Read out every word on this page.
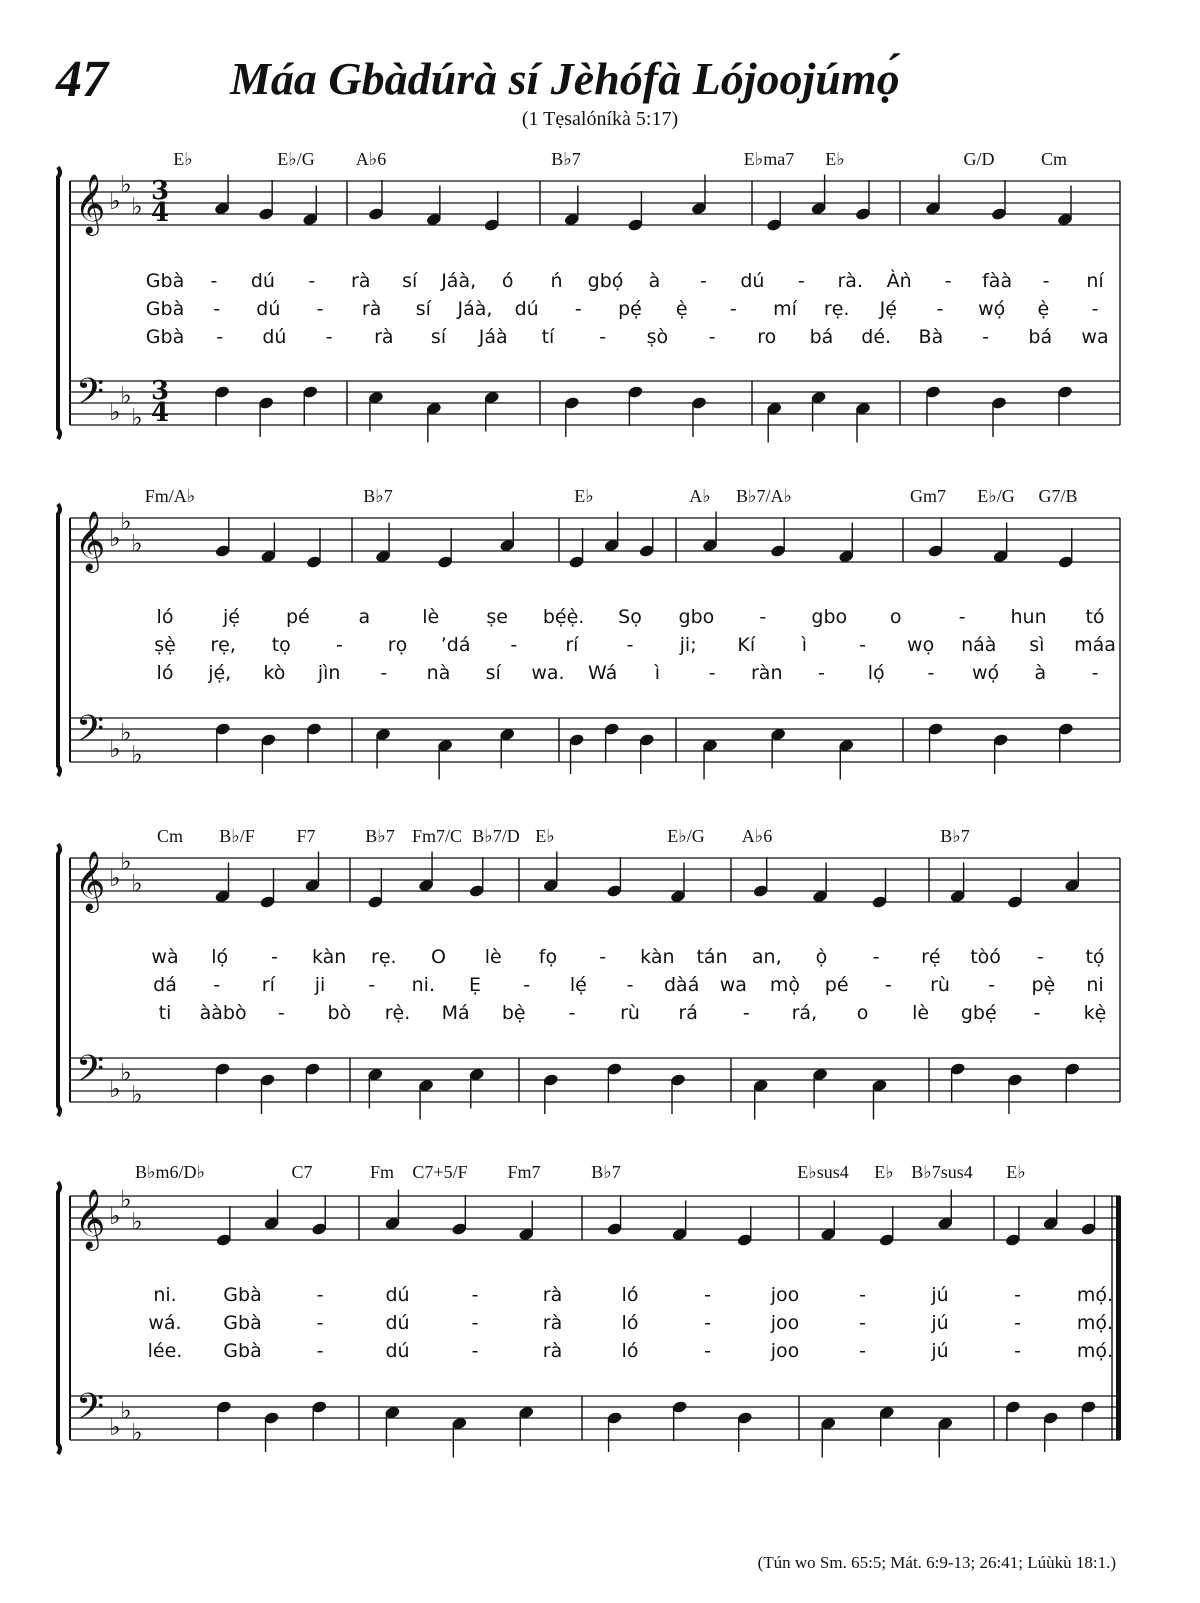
47	Máa Gbàdúrà sí Jèhófà Lójoojúmọ́
(1 Tẹsalóníkà 5:17)
(Tún wo Sm. 65:5; Mát. 6:9-13; 26:41; Lúùkù 18:1.)
𝄞
𝄢
♭
♭
♭
♭
♭
♭
3
3
4
4
E♭	E♭/G A♭6	B♭7	E♭ma7 E♭	G/D	Cm
Gbà - dú - rà sí Jáà, ó ń gbọ́ à - dú - rà. Àǹ - fàà - ní
Gbà - dú - rà sí Jáà, dú - pẹ́ ẹ̀ - mí rẹ. Jẹ́ - wọ́ ẹ̀ -
Gbà - dú - rà sí Jáà tí - ṣò - ro bá dé. Bà - bá wa
𝄞
𝄢
♭
♭
♭
♭
♭
♭
Fm/A♭	B♭7	E♭	A♭ B♭7/A♭	Gm7 E♭/G G7/B
ló	jẹ́ pé	a	lè ṣe bẹ́ẹ̀. Sọ gbo - gbo o	- hun tó
ṣẹ̀ rẹ, tọ - rọ ’dá -	rí	- ji; Kí ì	- wọ náà sì máa
ló jẹ́, kò jìn - nà sí wa. Wá ì	- ràn - lọ́ - wọ́ à -
𝄞
𝄢
♭
♭
♭
♭
♭
♭
Cm B♭/F F7	B♭7 Fm7/C B♭7/D E♭	E♭/G A♭6	B♭7
wà lọ́ - kàn rẹ. O lè fọ - kàn tán an, ọ̀ - rẹ́ tòó - tọ́
dá - rí ji - ni. Ẹ - lẹ́ - dàá wa mọ̀ pé - rù - pẹ̀ ni
ti ààbò - bò rẹ̀. Má bẹ̀ - rù rá - rá, o lè gbẹ́ - kẹ̀
𝄞
𝄢
♭
♭
♭
♭
♭
♭
B♭m6/D♭	C7	Fm C7+5/F Fm7	B♭7	E♭sus4 E♭ B♭7sus4 E♭
ni. Gbà	-	dú	-	rà	ló	-	joo	-	jú	-	mọ́.
wá. Gbà	-	dú	-	rà	ló	-	joo	-	jú	-	mọ́.
lée. Gbà	-	dú	-	rà	ló	-	joo	-	jú	-	mọ́.
